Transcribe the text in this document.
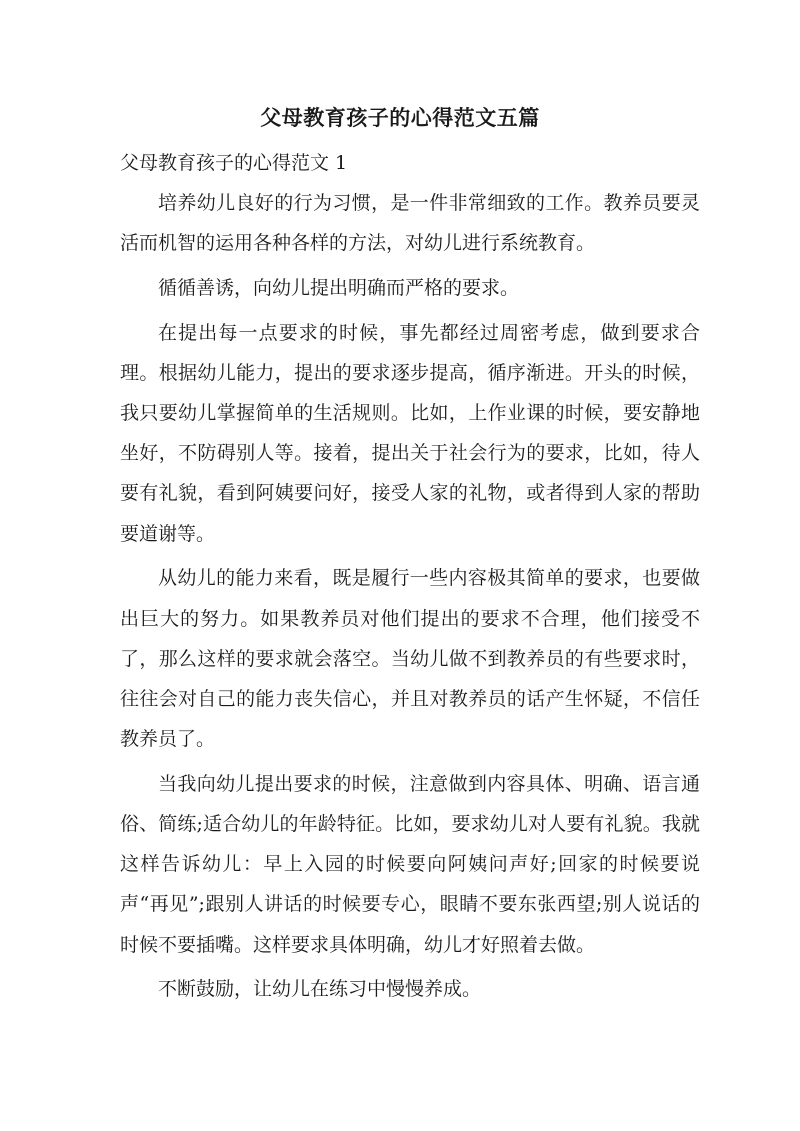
父母教育孩子的心得范文五篇
父母教育孩子的心得范文 1

培养幼儿良好的行为习惯，是一件非常细致的工作。教养员要灵活而机智的运用各种各样的方法，对幼儿进行系统教育。

循循善诱，向幼儿提出明确而严格的要求。

在提出每一点要求的时候，事先都经过周密考虑，做到要求合理。根据幼儿能力，提出的要求逐步提高，循序渐进。开头的时候，我只要幼儿掌握简单的生活规则。比如，上作业课的时候，要安静地坐好，不防碍别人等。接着，提出关于社会行为的要求，比如，待人要有礼貌，看到阿姨要问好，接受人家的礼物，或者得到人家的帮助要道谢等。

从幼儿的能力来看，既是履行一些内容极其简单的要求，也要做出巨大的努力。如果教养员对他们提出的要求不合理，他们接受不了，那么这样的要求就会落空。当幼儿做不到教养员的有些要求时，往往会对自己的能力丧失信心，并且对教养员的话产生怀疑，不信任教养员了。

当我向幼儿提出要求的时候，注意做到内容具体、明确、语言通俗、简练;适合幼儿的年龄特征。比如，要求幼儿对人要有礼貌。我就这样告诉幼儿：早上入园的时候要向阿姨问声好;回家的时候要说声“再见”;跟别人讲话的时候要专心，眼睛不要东张西望;别人说话的时候不要插嘴。这样要求具体明确，幼儿才好照着去做。

不断鼓励，让幼儿在练习中慢慢养成。
